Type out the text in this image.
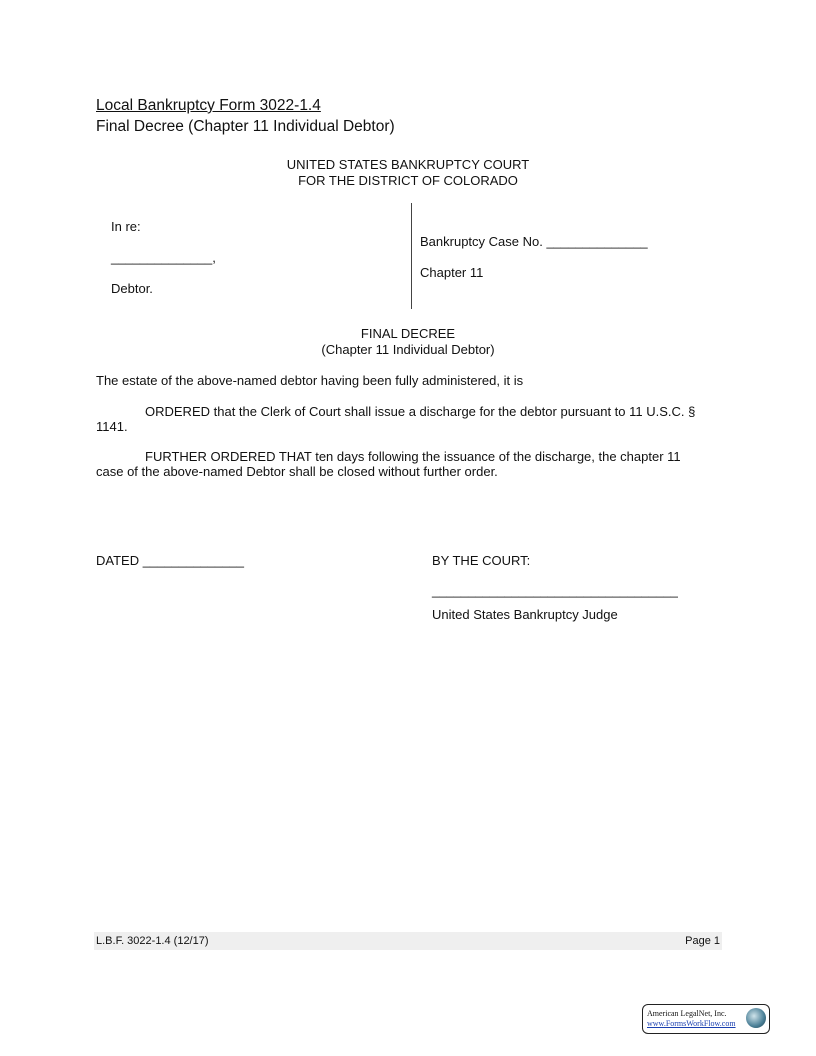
Local Bankruptcy Form 3022-1.4
Final Decree (Chapter 11 Individual Debtor)
UNITED STATES BANKRUPTCY COURT
FOR THE DISTRICT OF COLORADO
In re:
______________,
Debtor.
Bankruptcy Case No. ______________
Chapter 11
FINAL DECREE
(Chapter 11 Individual Debtor)
The estate of the above-named debtor having been fully administered, it is
ORDERED that the Clerk of Court shall issue a discharge for the debtor pursuant to 11 U.S.C. §
1141.
FURTHER ORDERED THAT ten days following the issuance of the discharge, the chapter 11
case of the above-named Debtor shall be closed without further order.
DATED ______________	BY THE COURT:
__________________________________
United States Bankruptcy Judge
L.B.F. 3022-1.4 (12/17)	Page 1
American LegalNet, Inc.
www.FormsWorkFlow.com
